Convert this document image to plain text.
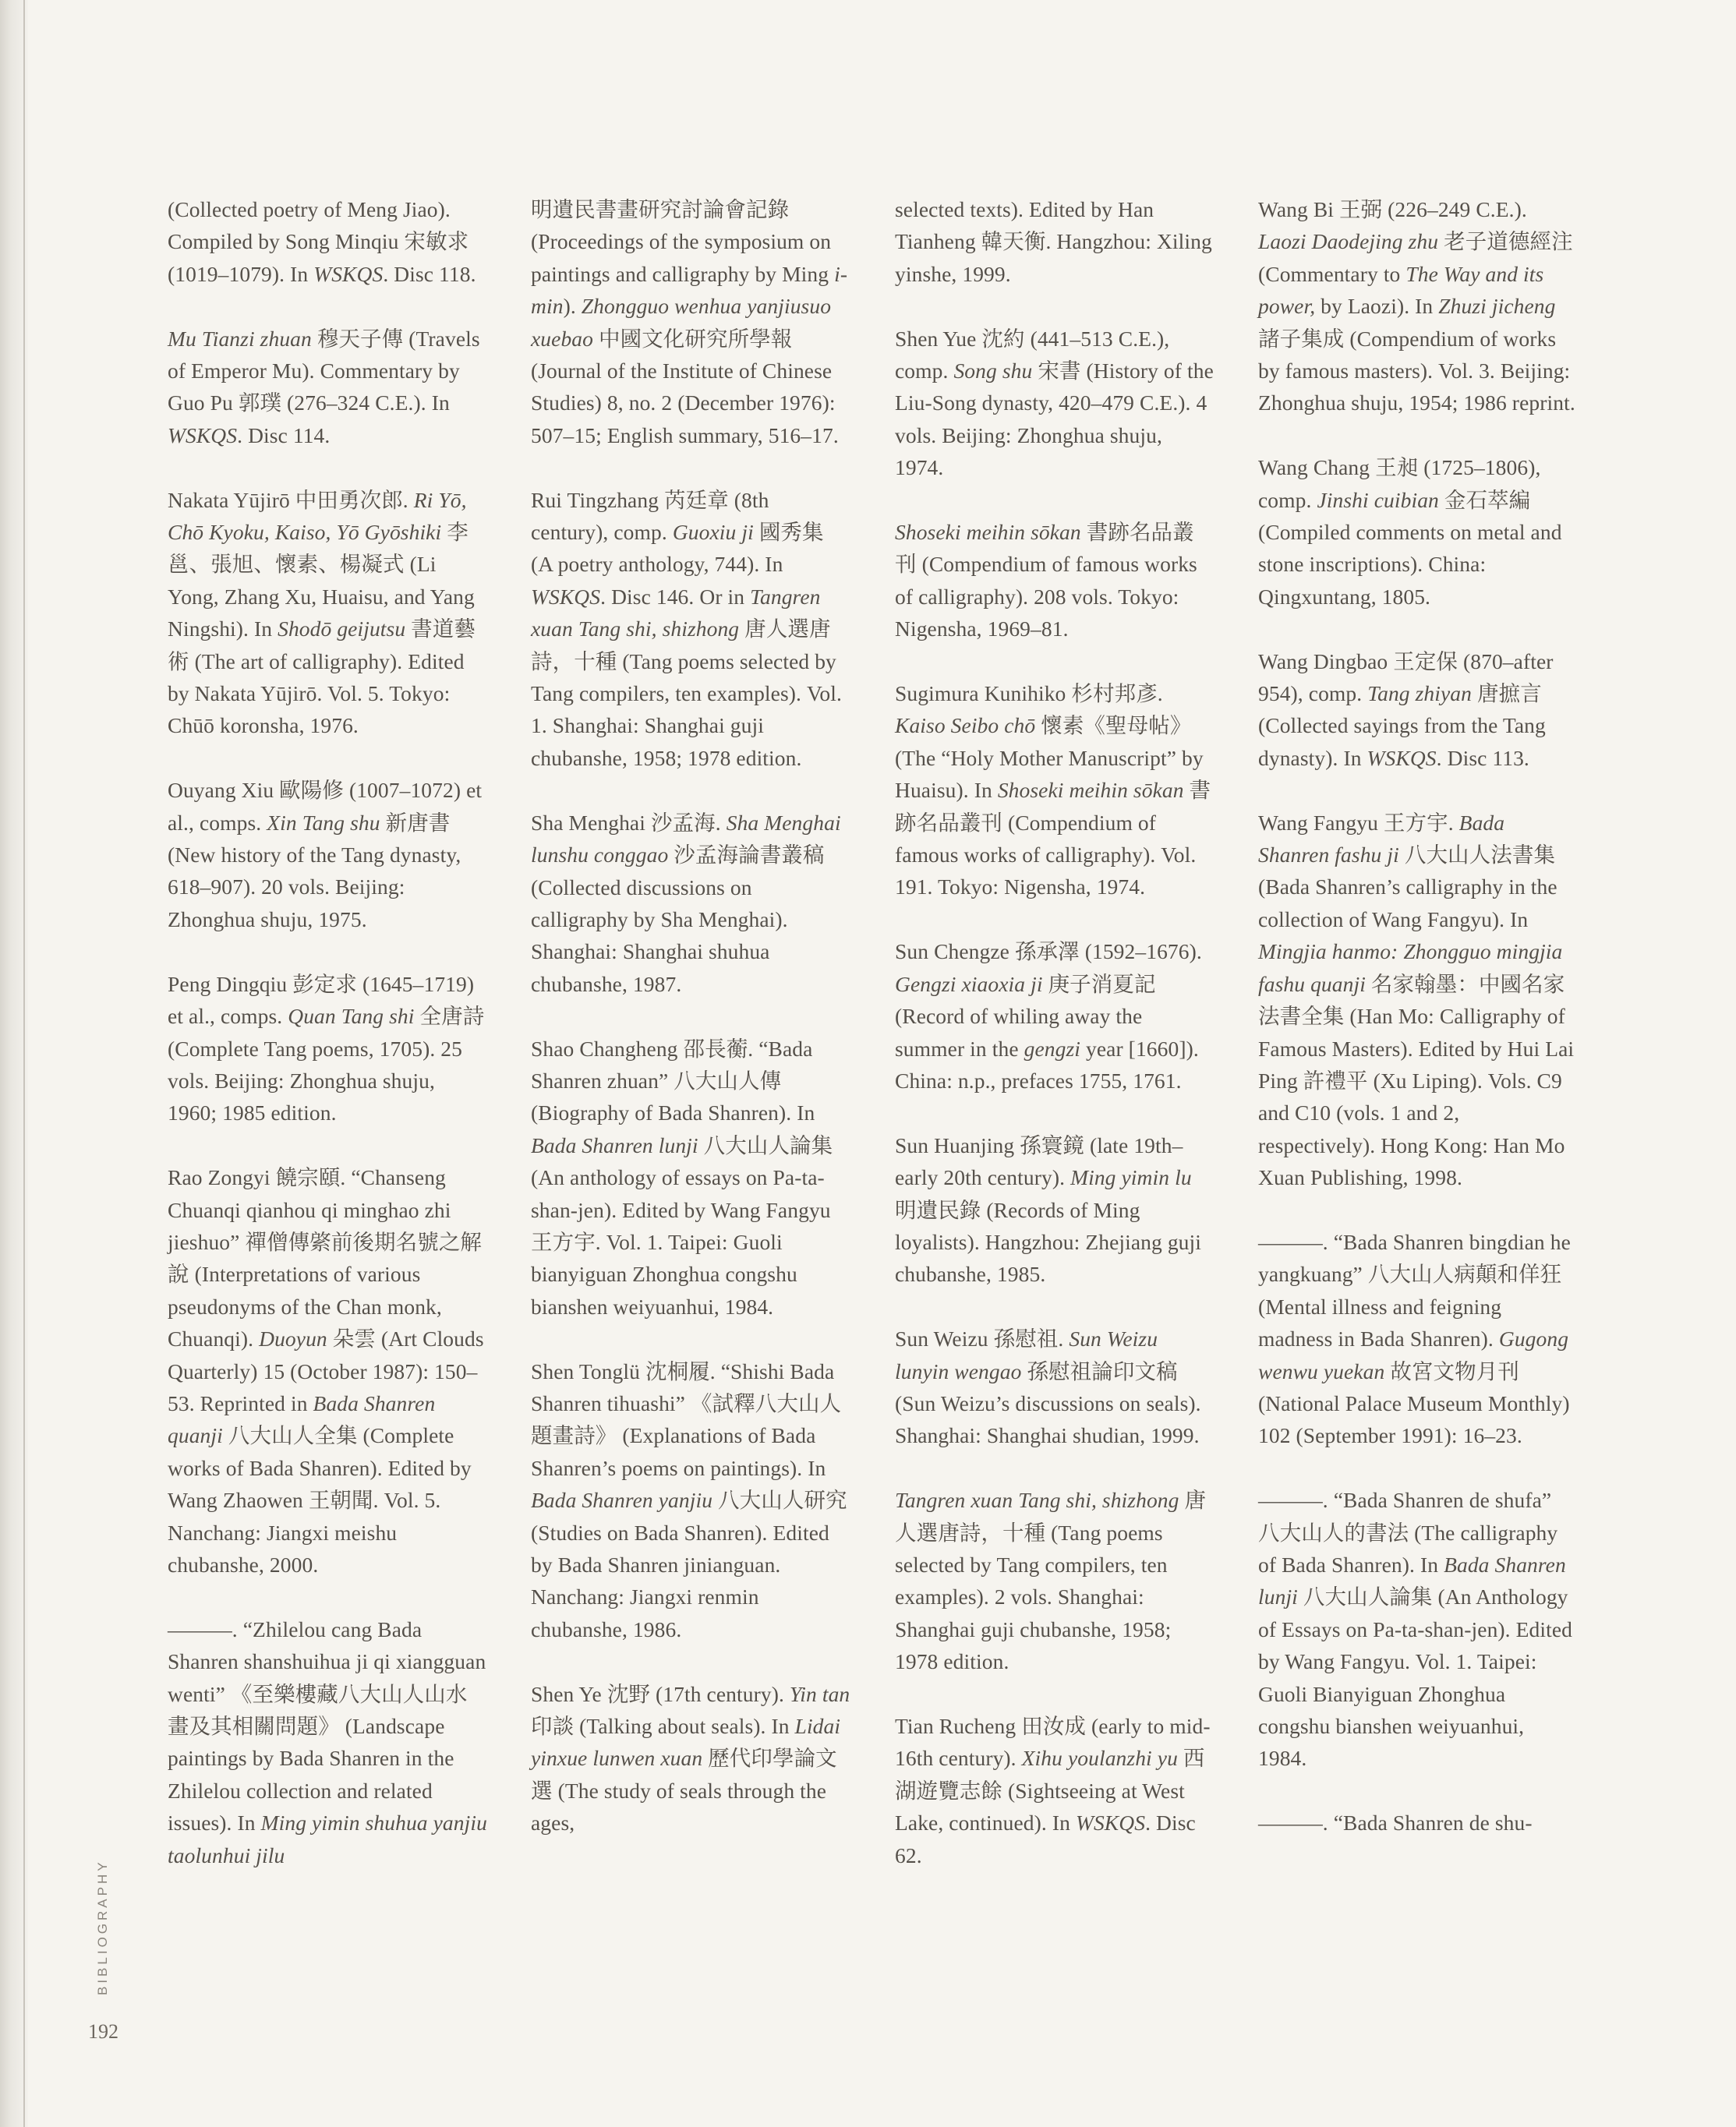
(Collected poetry of Meng Jiao). Compiled by Song Minqiu 宋敏求 (1019–1079). In WSKQS. Disc 118.

Mu Tianzi zhuan 穆天子傳 (Travels of Emperor Mu). Commentary by Guo Pu 郭璞 (276–324 C.E.). In WSKQS. Disc 114.

Nakata Yūjirō 中田勇次郎. Ri Yō, Chō Kyoku, Kaiso, Yō Gyōshiki 李邕、張旭、懷素、楊凝式 (Li Yong, Zhang Xu, Huaisu, and Yang Ningshi). In Shodō geijutsu 書道藝術 (The art of calligraphy). Edited by Nakata Yūjirō. Vol. 5. Tokyo: Chūō koronsha, 1976.

Ouyang Xiu 歐陽修 (1007–1072) et al., comps. Xin Tang shu 新唐書 (New history of the Tang dynasty, 618–907). 20 vols. Beijing: Zhonghua shuju, 1975.

Peng Dingqiu 彭定求 (1645–1719) et al., comps. Quan Tang shi 全唐詩 (Complete Tang poems, 1705). 25 vols. Beijing: Zhonghua shuju, 1960; 1985 edition.

Rao Zongyi 饒宗頤. “Chanseng Chuanqi qianhou qi minghao zhi jieshuo” 禪僧傳綮前後期名號之解說 (Interpretations of various pseudonyms of the Chan monk, Chuanqi). Duoyun 朵雲 (Art Clouds Quarterly) 15 (October 1987): 150–53. Reprinted in Bada Shanren quanji 八大山人全集 (Complete works of Bada Shanren). Edited by Wang Zhaowen 王朝聞. Vol. 5. Nanchang: Jiangxi meishu chubanshe, 2000.

———. “Zhilelou cang Bada Shanren shanshuihua ji qi xiangguan wenti” 《至樂樓藏八大山人山水畫及其相關問題》 (Landscape paintings by Bada Shanren in the Zhilelou collection and related issues). In Ming yimin shuhua yanjiu taolunhui jilu

明遺民書畫研究討論會記錄 (Proceedings of the symposium on paintings and calligraphy by Ming i-min). Zhongguo wenhua yanjiusuo xuebao 中國文化研究所學報 (Journal of the Institute of Chinese Studies) 8, no. 2 (December 1976): 507–15; English summary, 516–17.

Rui Tingzhang 芮廷章 (8th century), comp. Guoxiu ji 國秀集 (A poetry anthology, 744). In WSKQS. Disc 146. Or in Tangren xuan Tang shi, shizhong 唐人選唐詩，十種 (Tang poems selected by Tang compilers, ten examples). Vol. 1. Shanghai: Shanghai guji chubanshe, 1958; 1978 edition.

Sha Menghai 沙孟海. Sha Menghai lunshu conggao 沙孟海論書叢稿 (Collected discussions on calligraphy by Sha Menghai). Shanghai: Shanghai shuhua chubanshe, 1987.

Shao Changheng 邵長蘅. “Bada Shanren zhuan” 八大山人傳 (Biography of Bada Shanren). In Bada Shanren lunji 八大山人論集 (An anthology of essays on Pa-ta-shan-jen). Edited by Wang Fangyu 王方宇. Vol. 1. Taipei: Guoli bianyiguan Zhonghua congshu bianshen weiyuanhui, 1984.

Shen Tonglü 沈桐履. “Shishi Bada Shanren tihuashi” 《試釋八大山人題畫詩》 (Explanations of Bada Shanren’s poems on paintings). In Bada Shanren yanjiu 八大山人研究 (Studies on Bada Shanren). Edited by Bada Shanren jinianguan. Nanchang: Jiangxi renmin chubanshe, 1986.

Shen Ye 沈野 (17th century). Yin tan 印談 (Talking about seals). In Lidai yinxue lunwen xuan 歷代印學論文選 (The study of seals through the ages,

selected texts). Edited by Han Tianheng 韓天衡. Hangzhou: Xiling yinshe, 1999.

Shen Yue 沈約 (441–513 C.E.), comp. Song shu 宋書 (History of the Liu-Song dynasty, 420–479 C.E.). 4 vols. Beijing: Zhonghua shuju, 1974.

Shoseki meihin sōkan 書跡名品叢刊 (Compendium of famous works of calligraphy). 208 vols. Tokyo: Nigensha, 1969–81.

Sugimura Kunihiko 杉村邦彥. Kaiso Seibo chō 懷素《聖母帖》 (The “Holy Mother Manuscript” by Huaisu). In Shoseki meihin sōkan 書跡名品叢刊 (Compendium of famous works of calligraphy). Vol. 191. Tokyo: Nigensha, 1974.

Sun Chengze 孫承澤 (1592–1676). Gengzi xiaoxia ji 庚子消夏記 (Record of whiling away the summer in the gengzi year [1660]). China: n.p., prefaces 1755, 1761.

Sun Huanjing 孫寰鏡 (late 19th–early 20th century). Ming yimin lu 明遺民錄 (Records of Ming loyalists). Hangzhou: Zhejiang guji chubanshe, 1985.

Sun Weizu 孫慰祖. Sun Weizu lunyin wengao 孫慰祖論印文稿 (Sun Weizu’s discussions on seals). Shanghai: Shanghai shudian, 1999.

Tangren xuan Tang shi, shizhong 唐人選唐詩，十種 (Tang poems selected by Tang compilers, ten examples). 2 vols. Shanghai: Shanghai guji chubanshe, 1958; 1978 edition.

Tian Rucheng 田汝成 (early to mid-16th century). Xihu youlanzhi yu 西湖遊覽志餘 (Sightseeing at West Lake, continued). In WSKQS. Disc 62.

Wang Bi 王弼 (226–249 C.E.). Laozi Daodejing zhu 老子道德經注 (Commentary to The Way and its power, by Laozi). In Zhuzi jicheng 諸子集成 (Compendium of works by famous masters). Vol. 3. Beijing: Zhonghua shuju, 1954; 1986 reprint.

Wang Chang 王昶 (1725–1806), comp. Jinshi cuibian 金石萃編 (Compiled comments on metal and stone inscriptions). China: Qingxuntang, 1805.

Wang Dingbao 王定保 (870–after 954), comp. Tang zhiyan 唐摭言 (Collected sayings from the Tang dynasty). In WSKQS. Disc 113.

Wang Fangyu 王方宇. Bada Shanren fashu ji 八大山人法書集 (Bada Shanren’s calligraphy in the collection of Wang Fangyu). In Mingjia hanmo: Zhongguo mingjia fashu quanji 名家翰墨：中國名家法書全集 (Han Mo: Calligraphy of Famous Masters). Edited by Hui Lai Ping 許禮平 (Xu Liping). Vols. C9 and C10 (vols. 1 and 2, respectively). Hong Kong: Han Mo Xuan Publishing, 1998.

———. “Bada Shanren bingdian he yangkuang” 八大山人病顛和佯狂 (Mental illness and feigning madness in Bada Shanren). Gugong wenwu yuekan 故宮文物月刊 (National Palace Museum Monthly) 102 (September 1991): 16–23.

———. “Bada Shanren de shufa” 八大山人的書法 (The calligraphy of Bada Shanren). In Bada Shanren lunji 八大山人論集 (An Anthology of Essays on Pa-ta-shan-jen). Edited by Wang Fangyu. Vol. 1. Taipei: Guoli Bianyiguan Zhonghua congshu bianshen weiyuanhui, 1984.

———. “Bada Shanren de shu-

BIBLIOGRAPHY
192
